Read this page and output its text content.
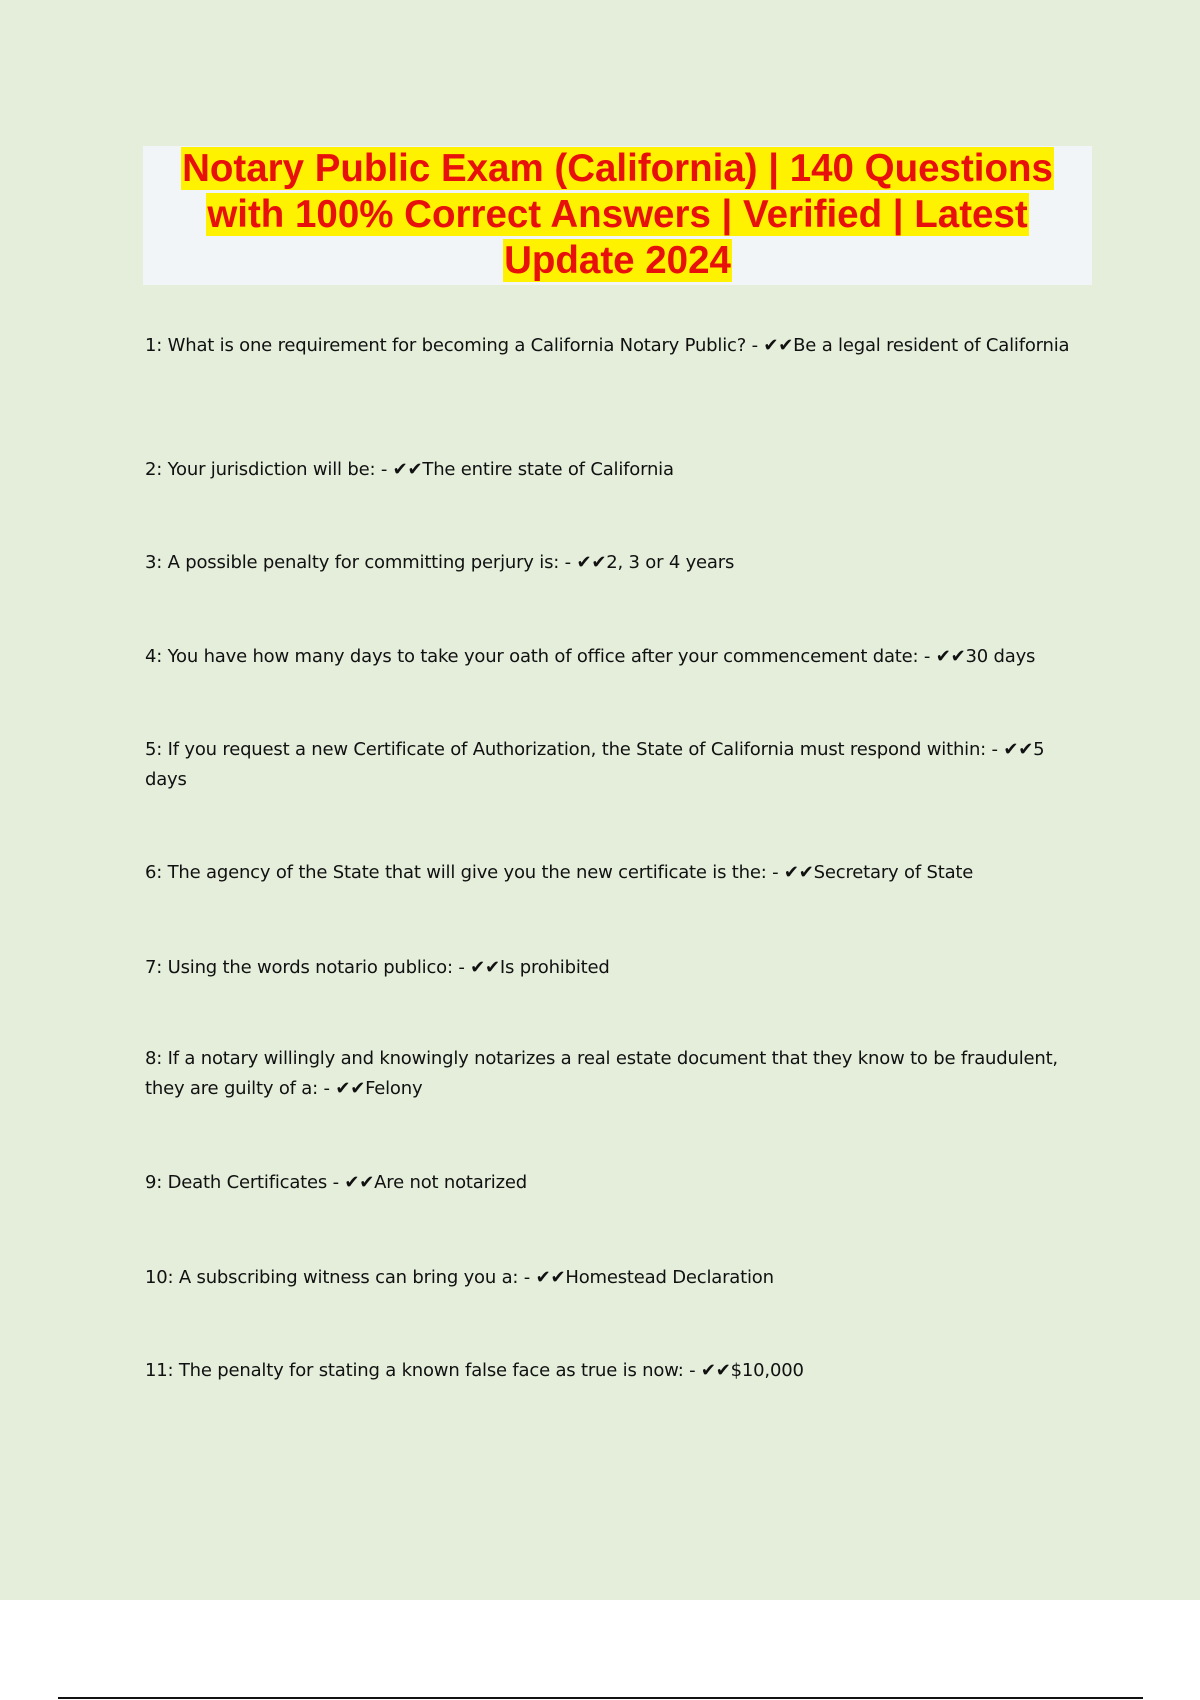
Notary Public Exam (California) | 140 Questions
with 100% Correct Answers | Verified | Latest
Update 2024

1: What is one requirement for becoming a California Notary Public? - ✔✔Be a legal resident of California
2: Your jurisdiction will be: - ✔✔The entire state of California
3: A possible penalty for committing perjury is: - ✔✔2, 3 or 4 years
4: You have how many days to take your oath of office after your commencement date: - ✔✔30 days
5: If you request a new Certificate of Authorization, the State of California must respond within: - ✔✔5 days
6: The agency of the State that will give you the new certificate is the: - ✔✔Secretary of State
7: Using the words notario publico: - ✔✔Is prohibited
8: If a notary willingly and knowingly notarizes a real estate document that they know to be fraudulent, they are guilty of a: - ✔✔Felony
9: Death Certificates - ✔✔Are not notarized
10: A subscribing witness can bring you a: - ✔✔Homestead Declaration
11: The penalty for stating a known false face as true is now: - ✔✔$10,000
